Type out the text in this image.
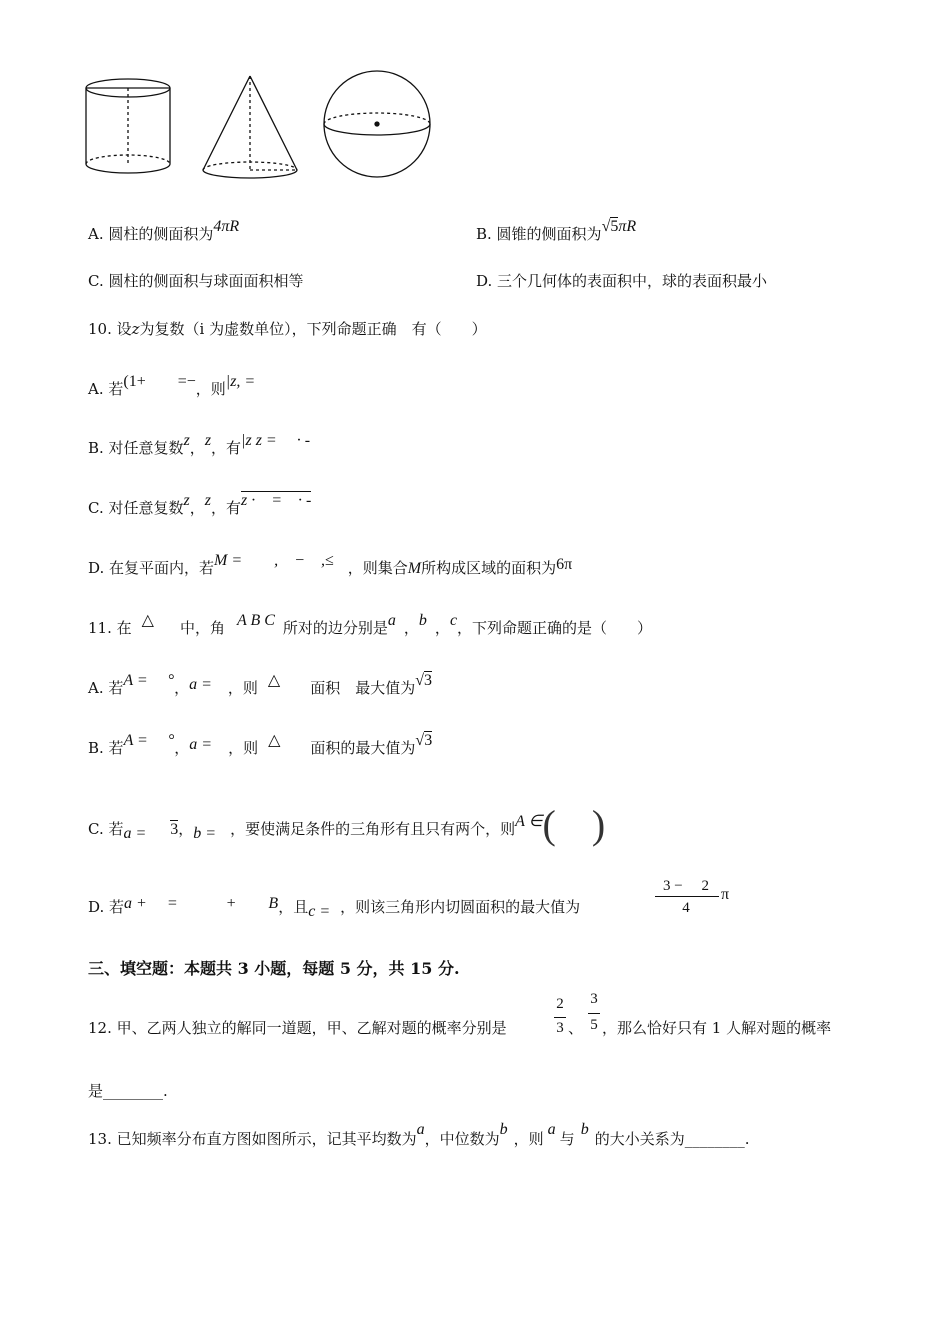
A. 圆柱的侧面积为4πR	B. 圆锥的侧面积为√5πR
C. 圆柱的侧面积与球面面积相等	D. 三个几何体的表面积中，球的表面积最小
10. 设z为复数（i 为虚数单位），下列命题正确　有（　　）
A. 若(1+　　=−，则|z, =
B. 对任意复数z，z，有|z z =　 · -
C. 对任意复数z，z，有z ·　=　· -
D. 在复平面内，若M =　　,　−　,≤ ，则集合M所构成区域的面积为6π
11. 在 △ 中，角 A B C 所对的边分别是a ，b ，c，下列命题正确的是（　　）
A. 若A =　 °，a = ，则 △ 面积　最大值为√3
B. 若A =　 °，a = ，则 △ 面积的最大值为√3
C. 若a = 3，b = ，要使满足条件的三角形有且只有两个，则A ∈( )
D. 若a +　 =　　　+　　B，且c = ，则该三角形内切圆面积的最大值为
3 −　 2
4
π
三、填空题：本题共 3 小题，每题 5 分，共 15 分.
12. 甲、乙两人独立的解同一道题，甲、乙解对题的概率分别是
2
3 、
3
5 ，那么恰好只有 1 人解对题的概率
是________.
13. 已知频率分布直方图如图所示，记其平均数为a，中位数为b，则a与b的大小关系为________.
